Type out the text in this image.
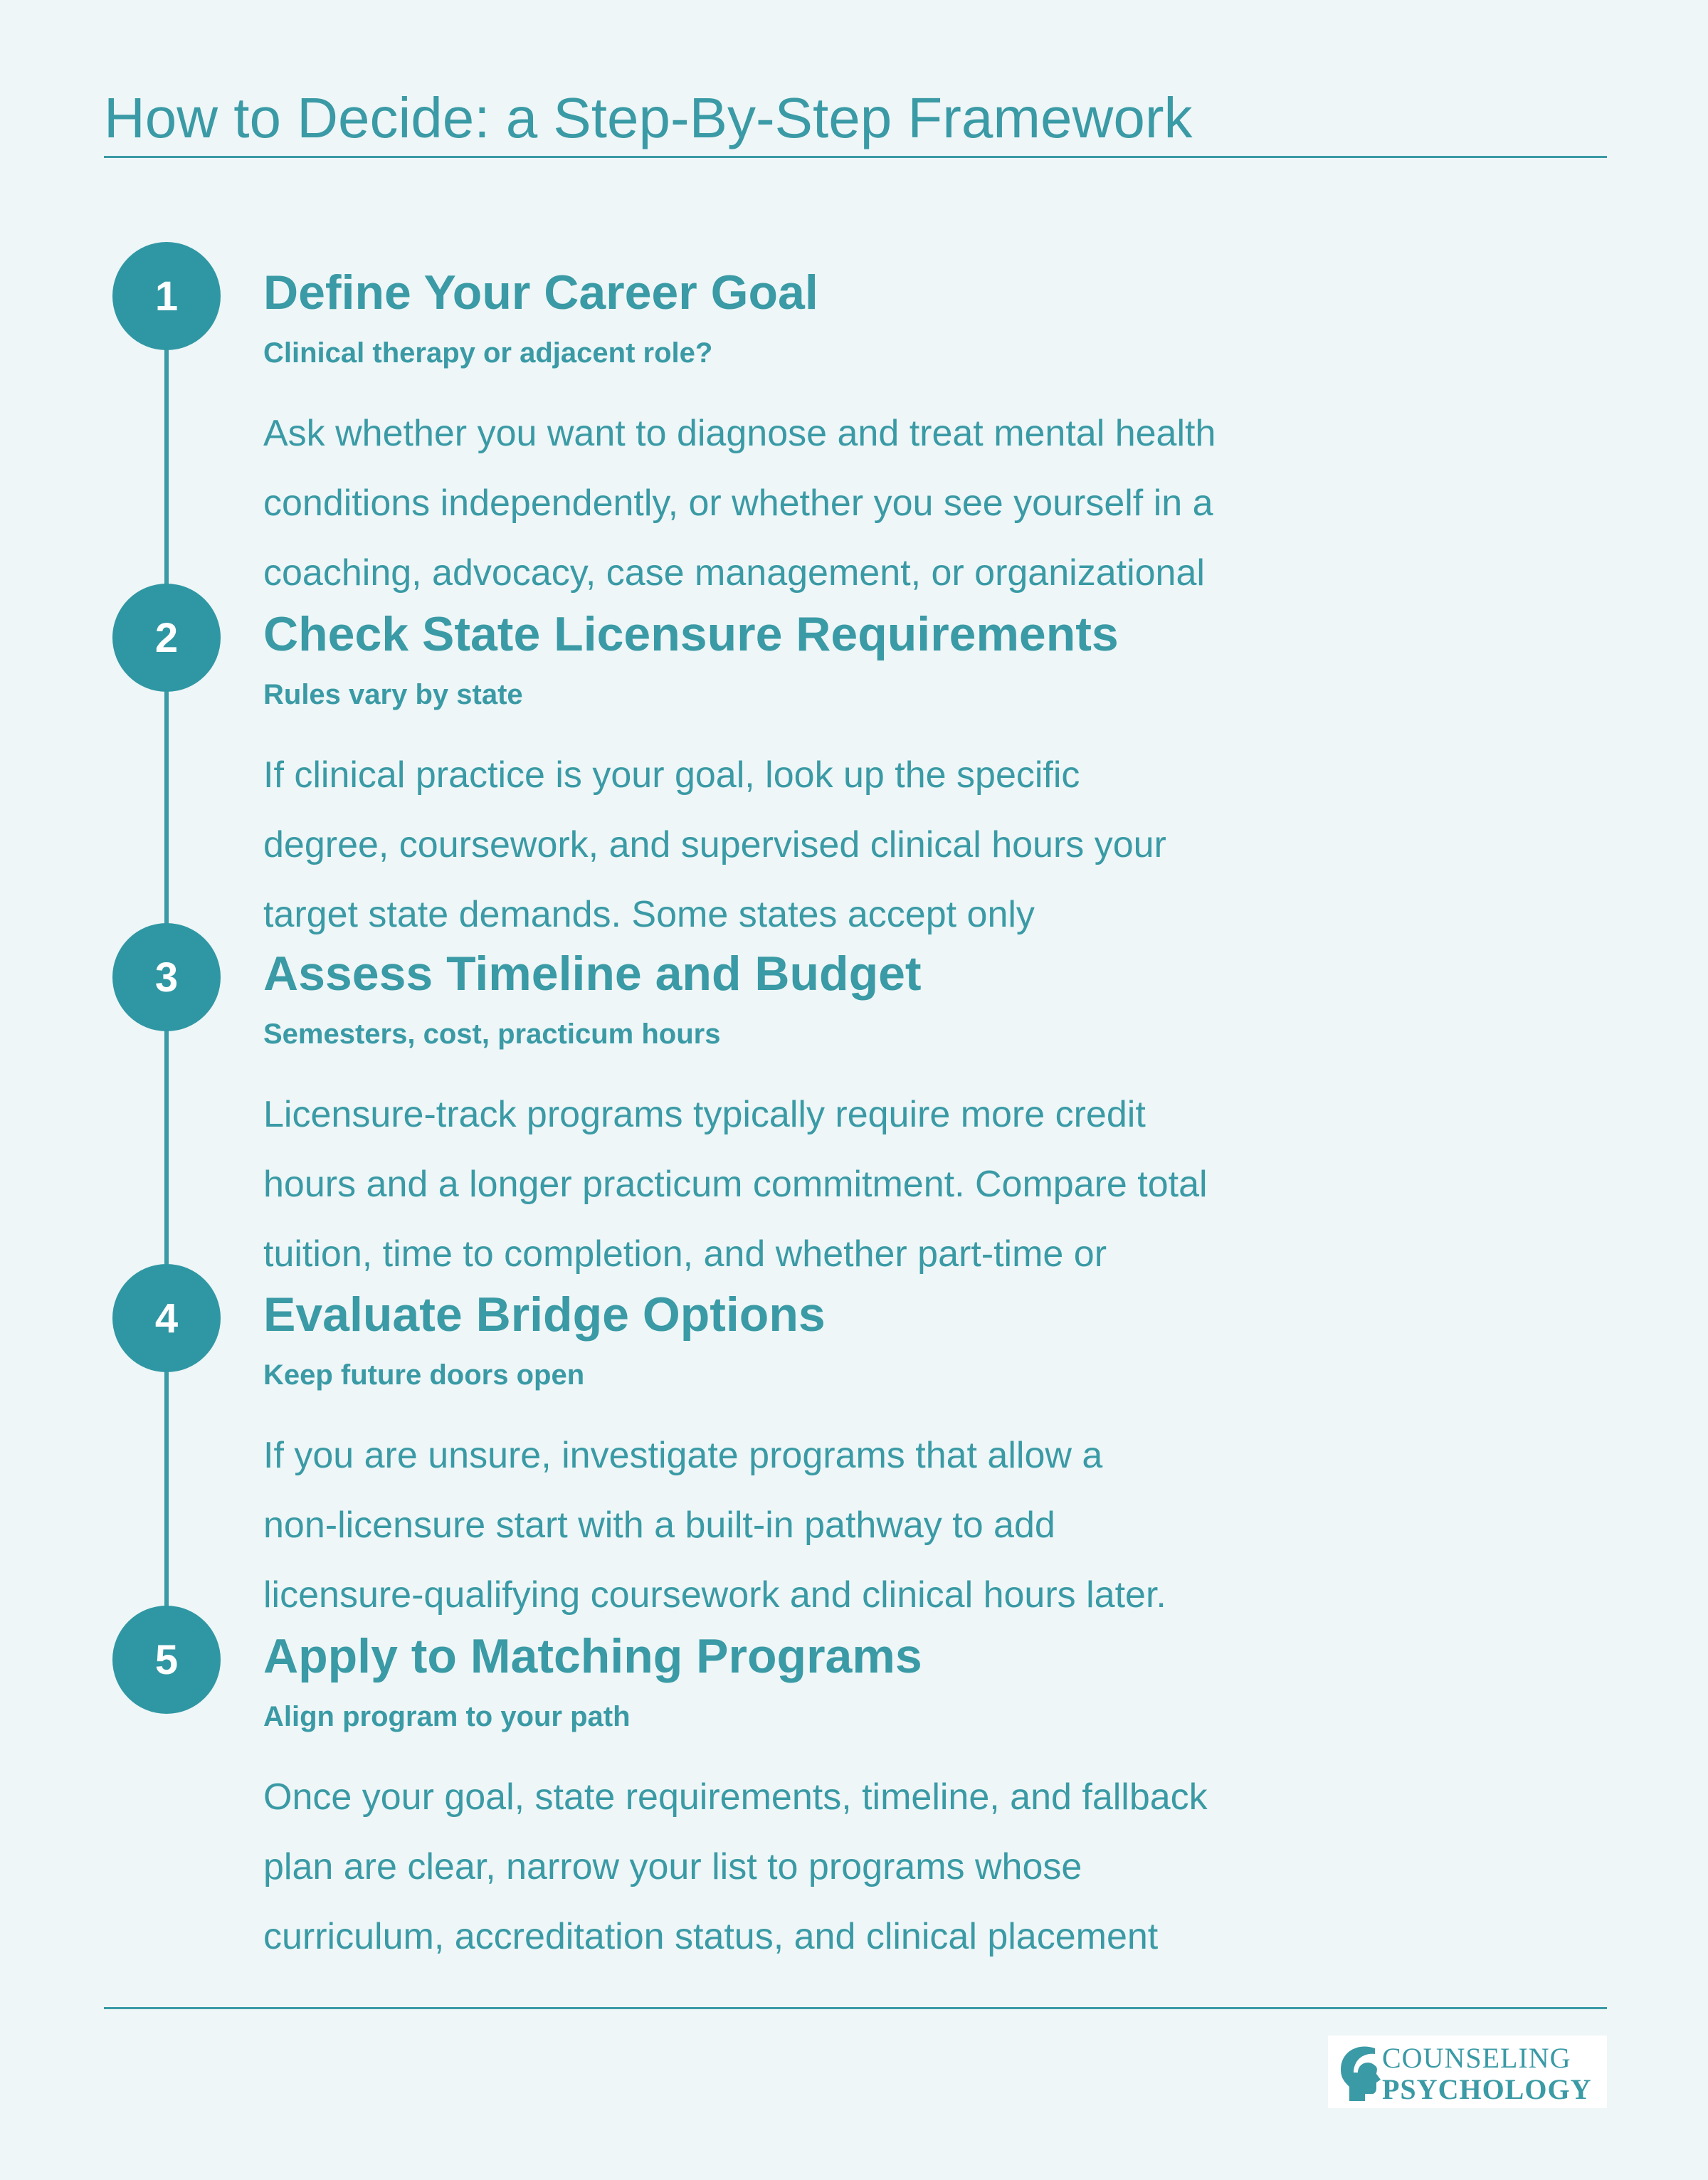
How to Decide: a Step-By-Step Framework
1	Define Your Career Goal
Clinical therapy or adjacent role?
Ask whether you want to diagnose and treat mental health
conditions independently, or whether you see yourself in a
coaching, advocacy, case management, or organizational
2	Check State Licensure Requirements
Rules vary by state
If clinical practice is your goal, look up the specific
degree, coursework, and supervised clinical hours your
target state demands. Some states accept only
3	Assess Timeline and Budget
Semesters, cost, practicum hours
Licensure-track programs typically require more credit
hours and a longer practicum commitment. Compare total
tuition, time to completion, and whether part-time or
4	Evaluate Bridge Options
Keep future doors open
If you are unsure, investigate programs that allow a
non-licensure start with a built-in pathway to add
licensure-qualifying coursework and clinical hours later.
5	Apply to Matching Programs
Align program to your path
Once your goal, state requirements, timeline, and fallback
plan are clear, narrow your list to programs whose
curriculum, accreditation status, and clinical placement
COUNSELING
PSYCHOLOGY
